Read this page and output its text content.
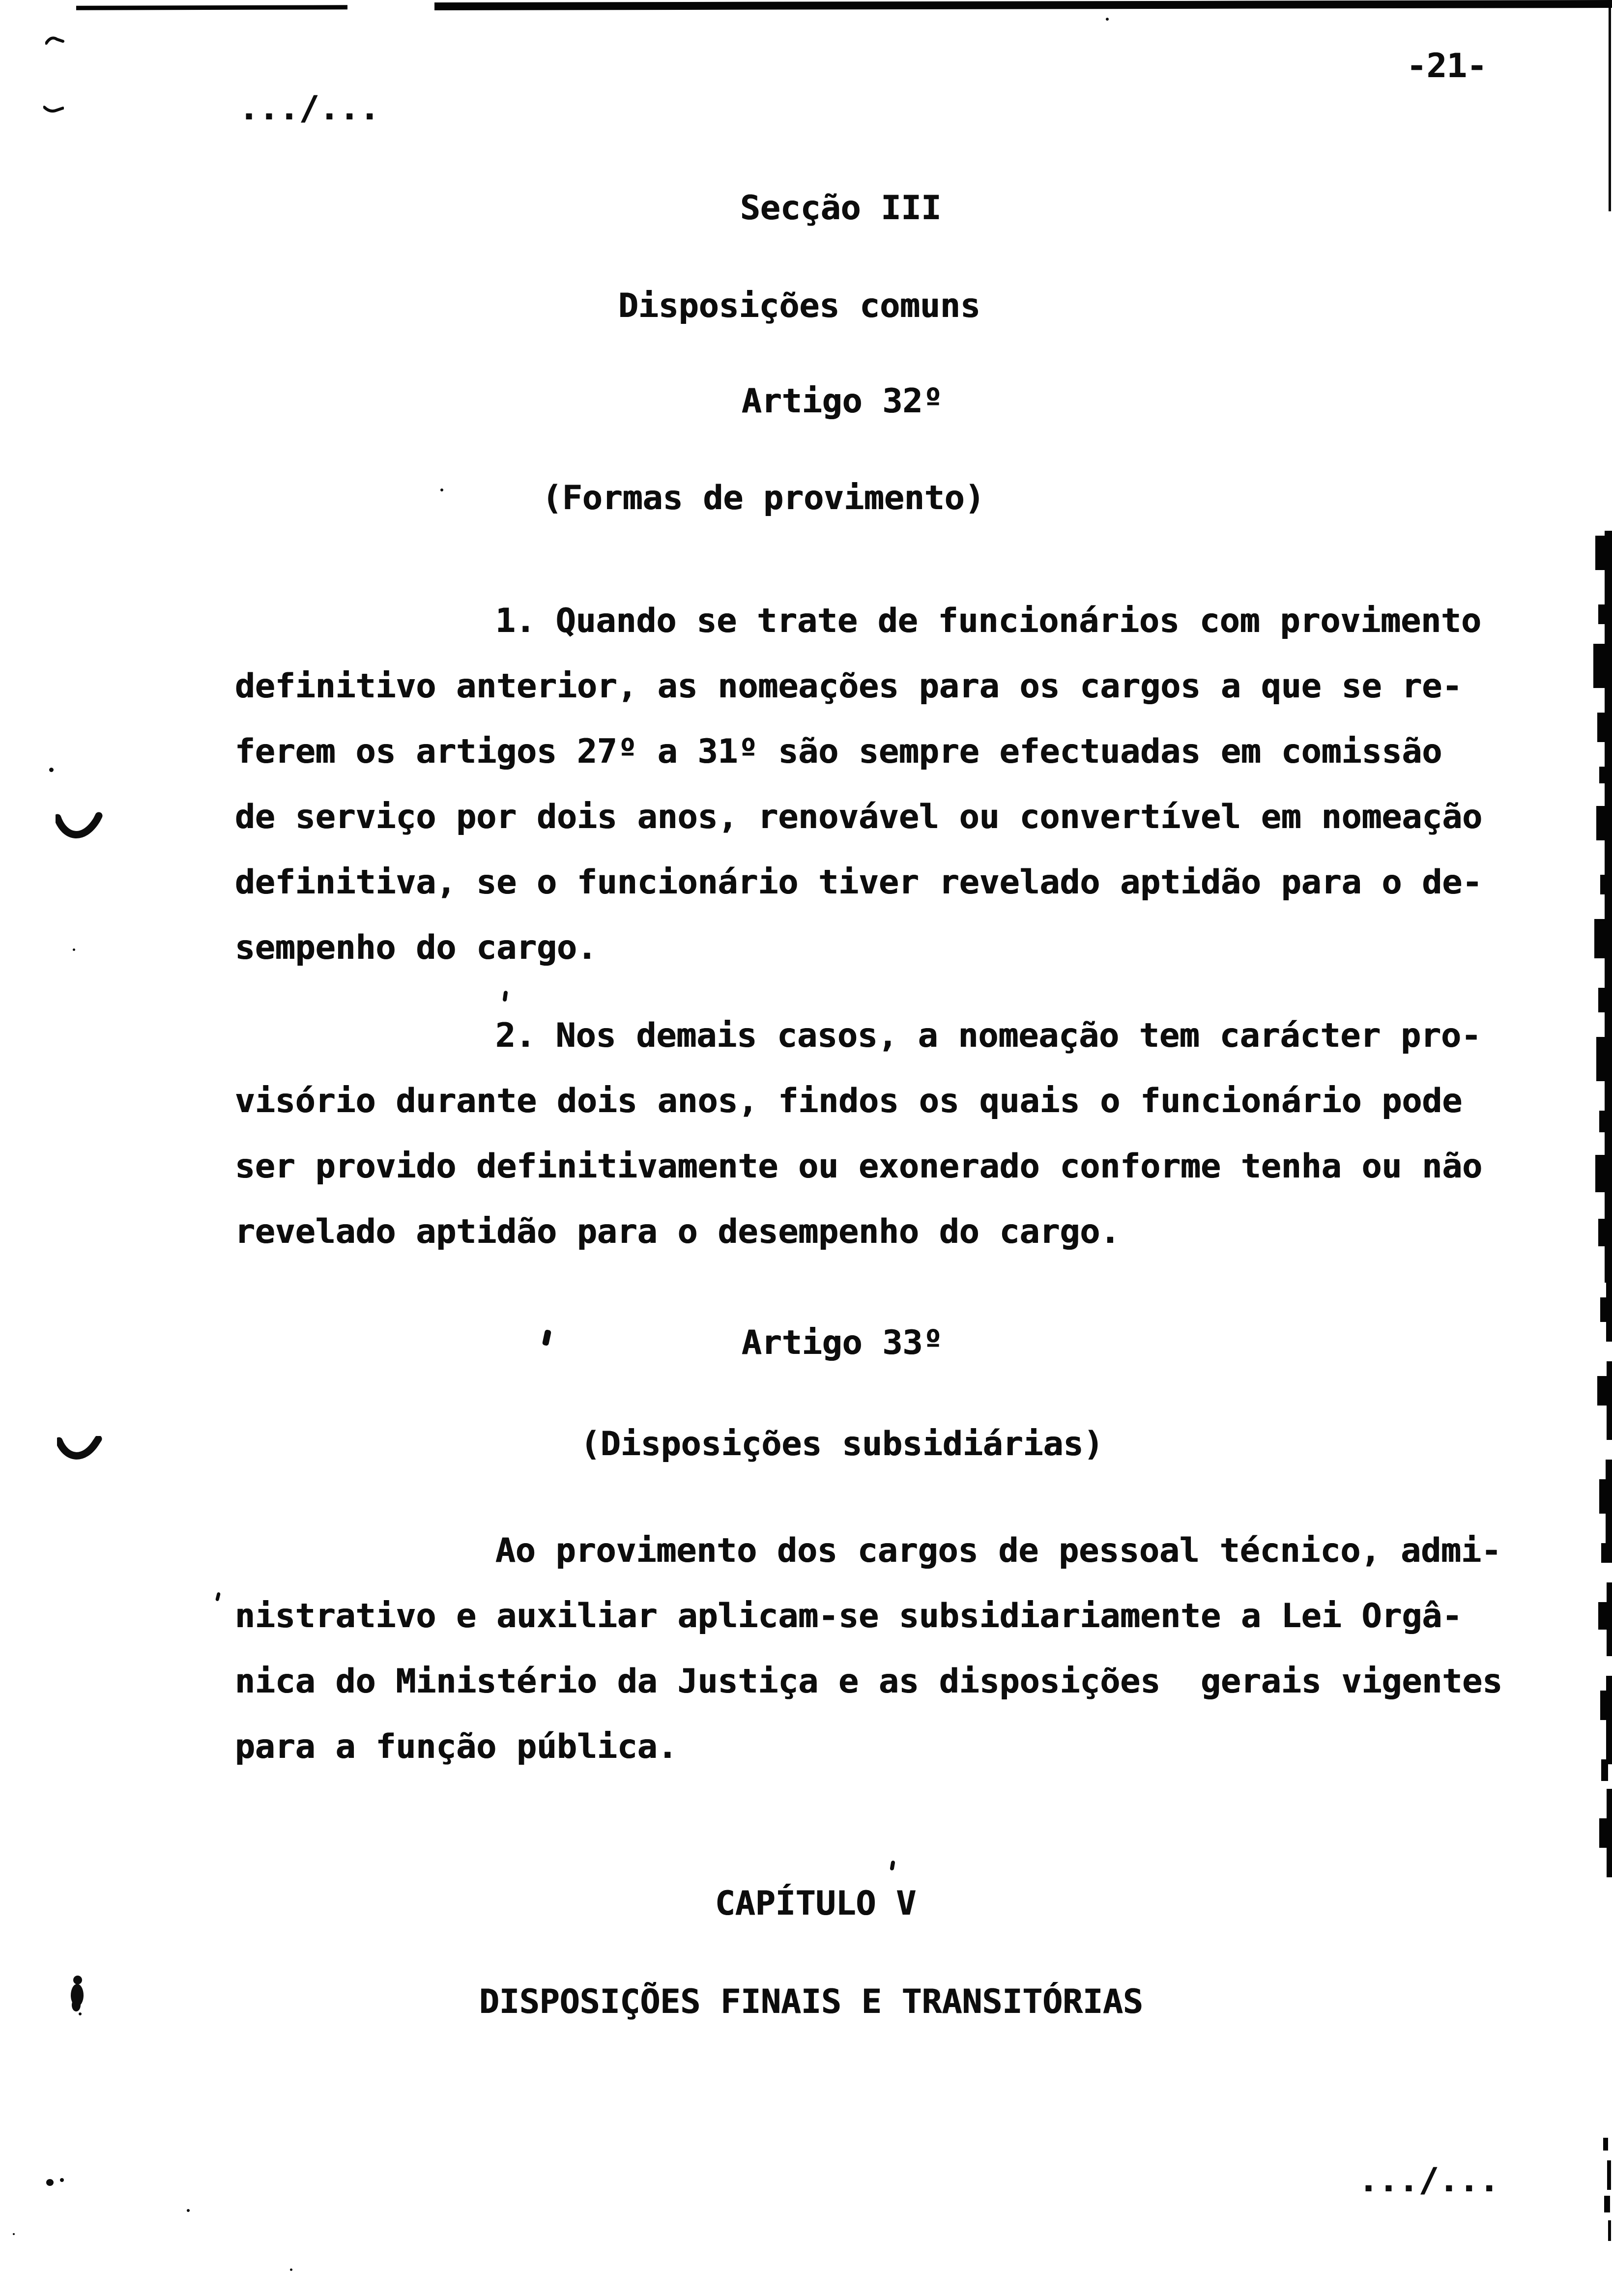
.../...
-21-
Secção III
Disposições comuns
Artigo 32º
(Formas de provimento)
1. Quando se trate de funcionários com provimento
definitivo anterior, as nomeações para os cargos a que se re-
ferem os artigos 27º a 31º são sempre efectuadas em comissão
de serviço por dois anos, renovável ou convertível em nomeação
definitiva, se o funcionário tiver revelado aptidão para o de-
sempenho do cargo.
2. Nos demais casos, a nomeação tem carácter pro-
visório durante dois anos, findos os quais o funcionário pode
ser provido definitivamente ou exonerado conforme tenha ou não
revelado aptidão para o desempenho do cargo.
Artigo 33º
(Disposições subsidiárias)
Ao provimento dos cargos de pessoal técnico, admi-
nistrativo e auxiliar aplicam-se subsidiariamente a Lei Orgâ-
nica do Ministério da Justiça e as disposições  gerais vigentes
para a função pública.
CAPÍTULO V
DISPOSIÇÕES FINAIS E TRANSITÓRIAS
.../...
